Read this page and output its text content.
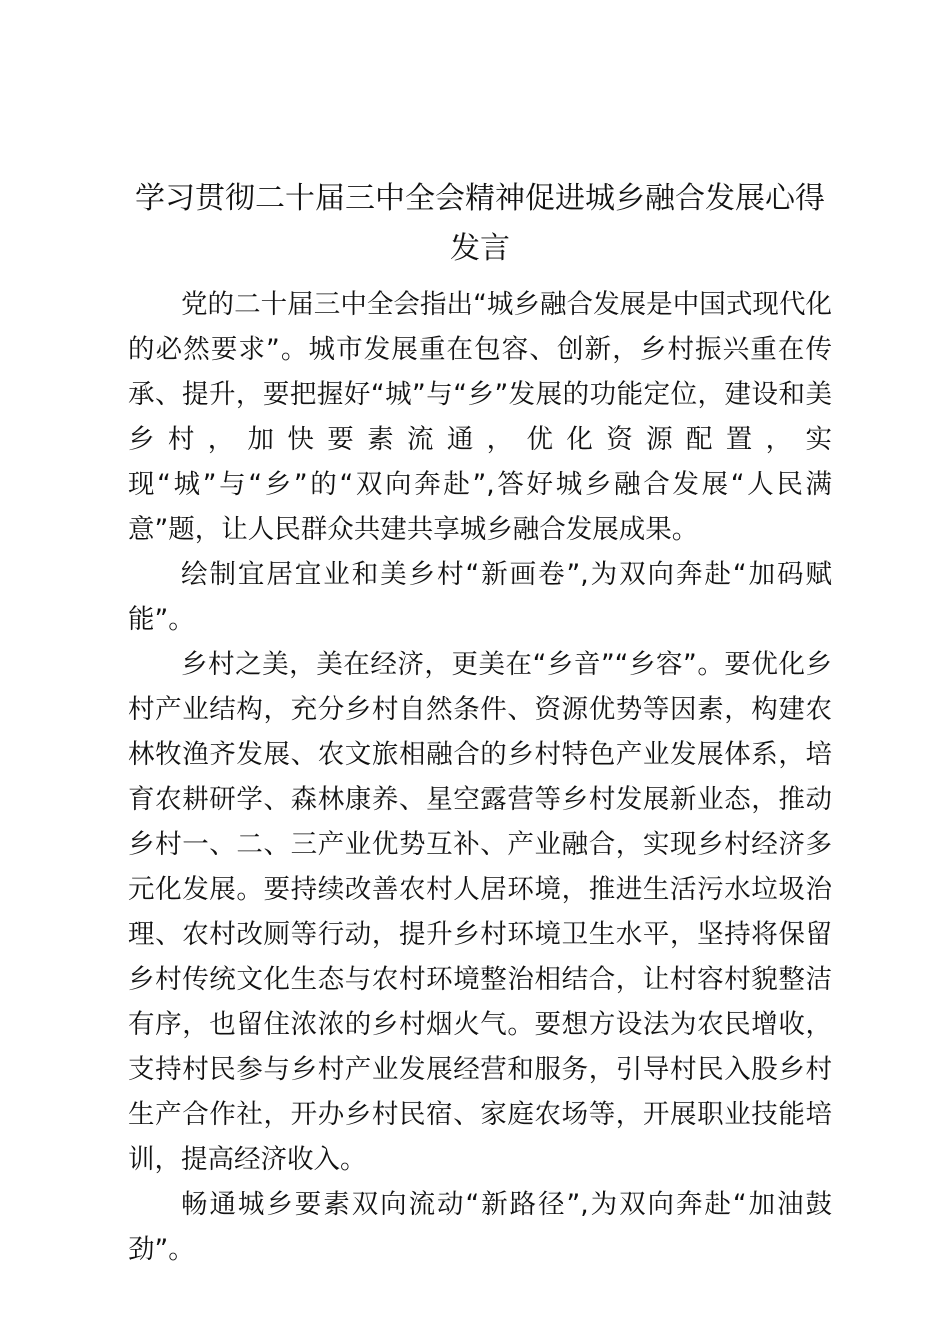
学习贯彻二十届三中全会精神促进城乡融合发展心得发言

党的二十届三中全会指出“城乡融合发展是中国式现代化的必然要求”。城市发展重在包容、创新，乡村振兴重在传承、提升，要把握好“城”与“乡”发展的功能定位，建设和美乡村，加快要素流通，优化资源配置，实现“城”与“乡”的“双向奔赴”,答好城乡融合发展“人民满意”题，让人民群众共建共享城乡融合发展成果。

绘制宜居宜业和美乡村“新画卷”,为双向奔赴“加码赋能”。

乡村之美，美在经济，更美在“乡音”“乡容”。要优化乡村产业结构，充分乡村自然条件、资源优势等因素，构建农林牧渔齐发展、农文旅相融合的乡村特色产业发展体系，培育农耕研学、森林康养、星空露营等乡村发展新业态，推动乡村一、二、三产业优势互补、产业融合，实现乡村经济多元化发展。要持续改善农村人居环境，推进生活污水垃圾治理、农村改厕等行动，提升乡村环境卫生水平，坚持将保留乡村传统文化生态与农村环境整治相结合，让村容村貌整洁有序，也留住浓浓的乡村烟火气。要想方设法为农民增收，支持村民参与乡村产业发展经营和服务，引导村民入股乡村生产合作社，开办乡村民宿、家庭农场等，开展职业技能培训，提高经济收入。

畅通城乡要素双向流动“新路径”,为双向奔赴“加油鼓劲”。
